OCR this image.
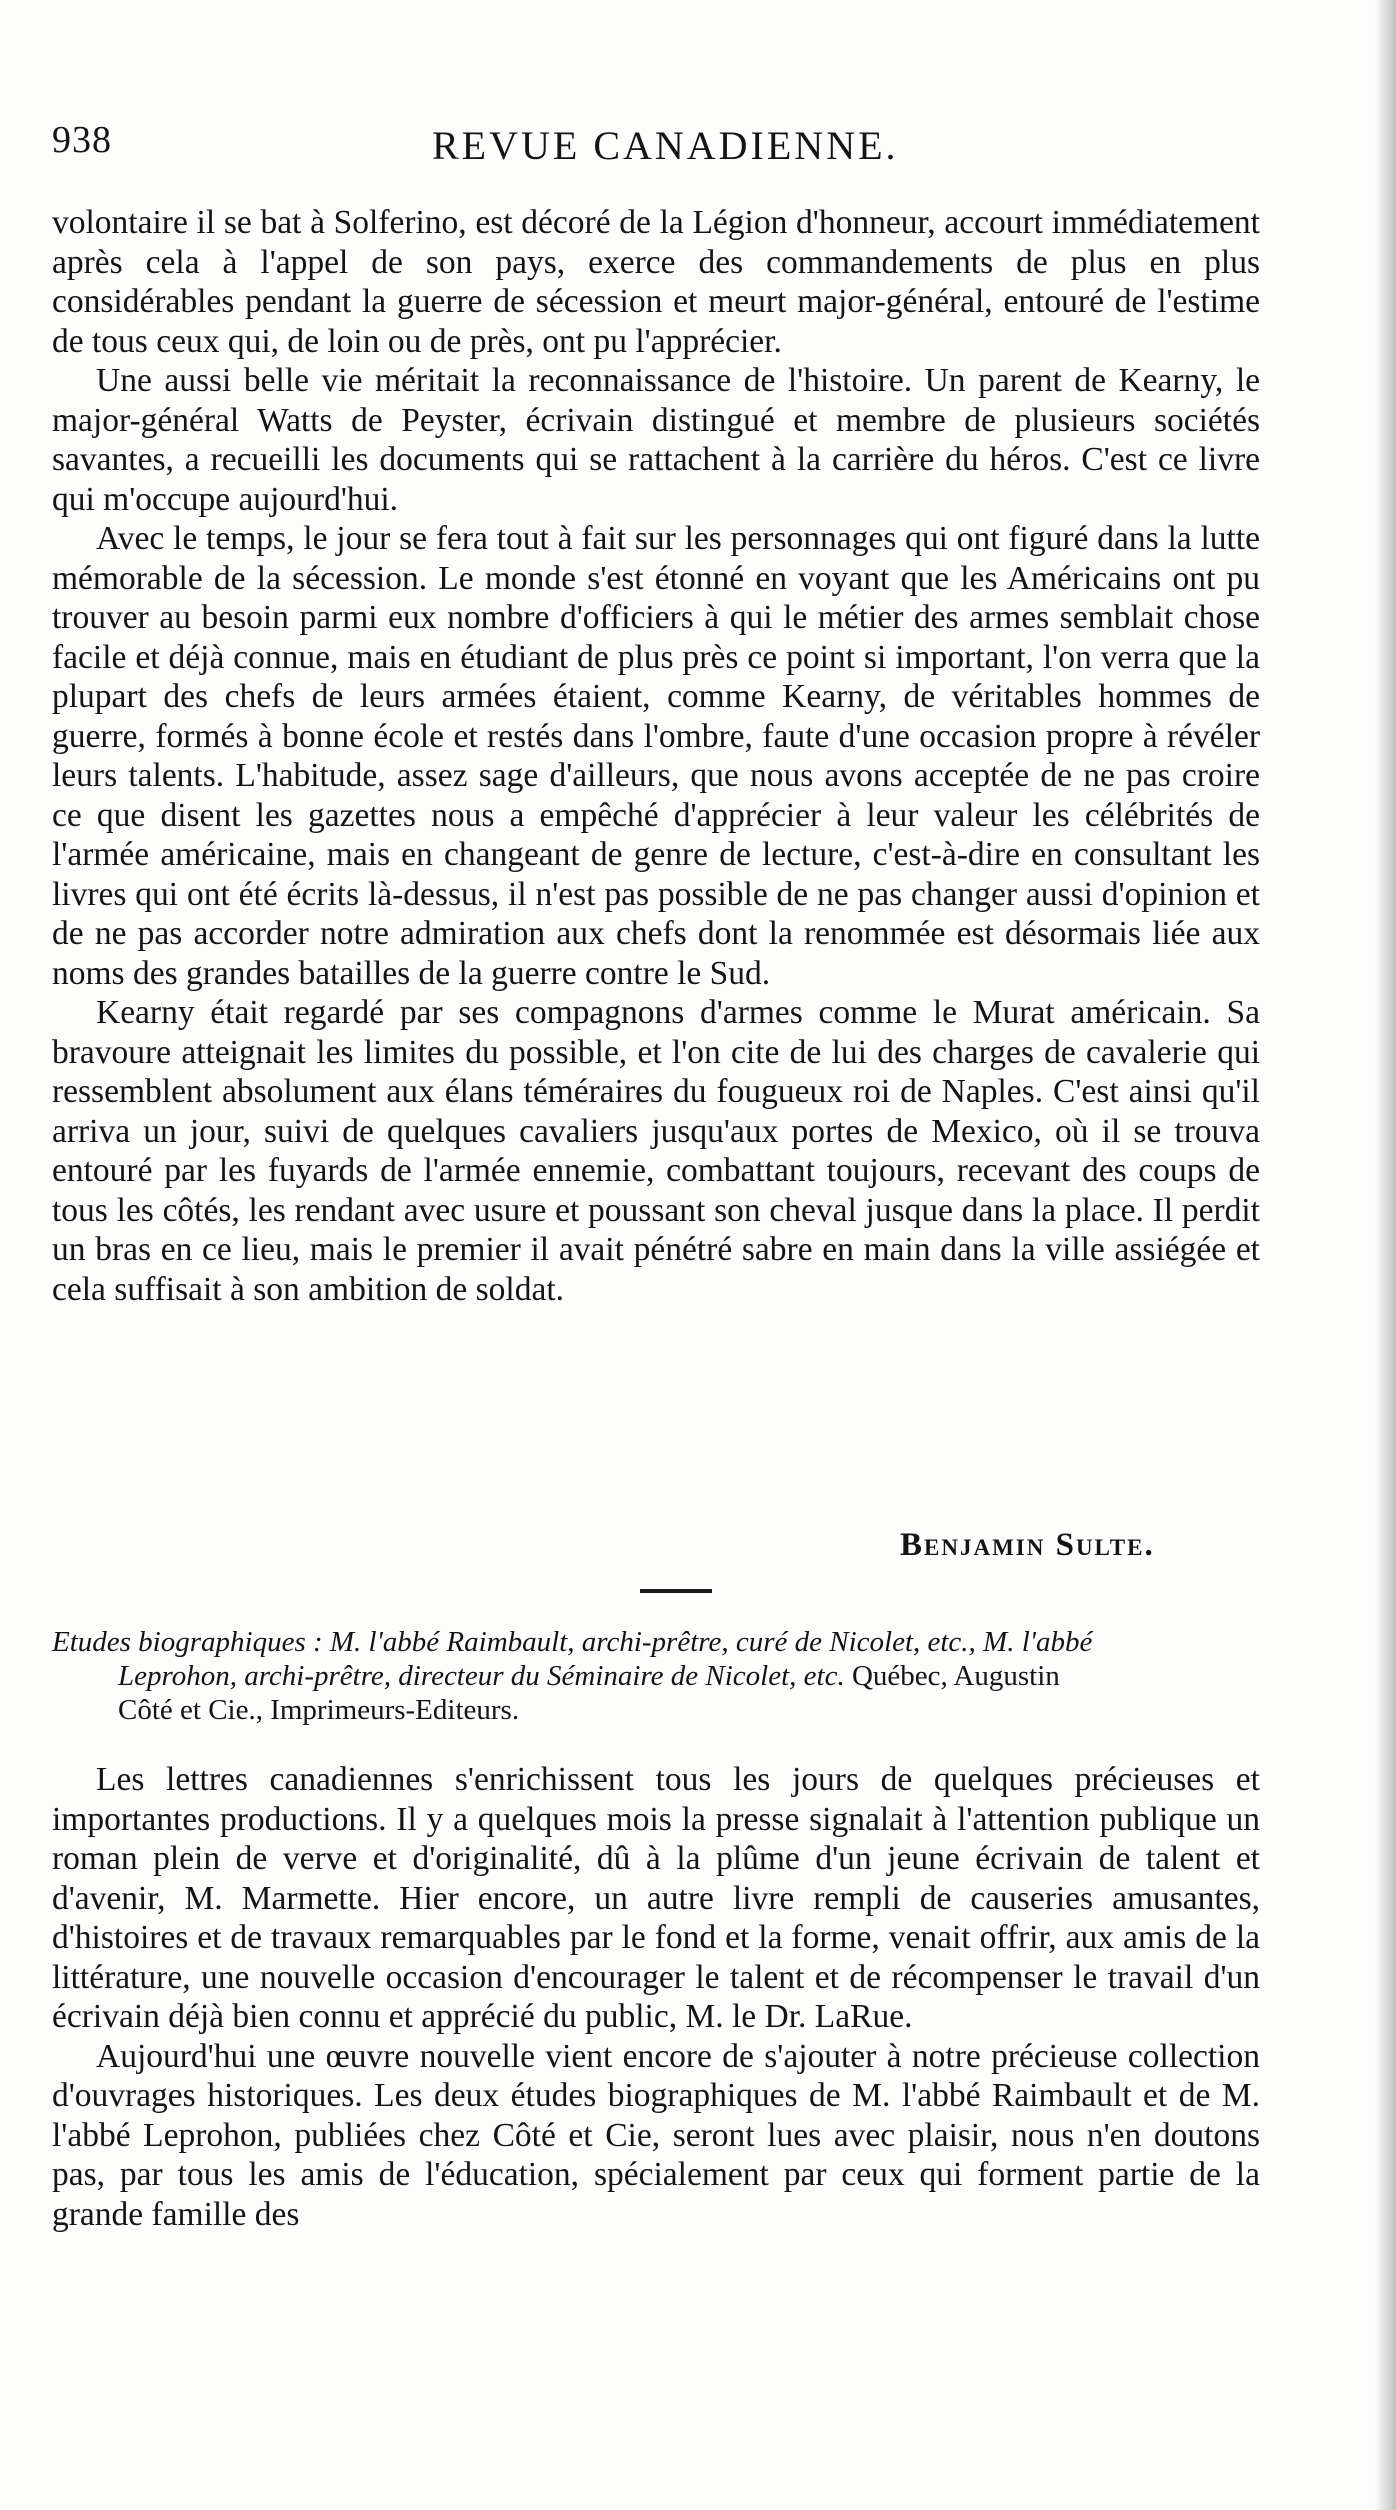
938	REVUE CANADIENNE.

volontaire il se bat à Solferino, est décoré de la Légion d'honneur, accourt immédiatement après cela à l'appel de son pays, exerce des commandements de plus en plus considérables pendant la guerre de sécession et meurt major-général, entouré de l'estime de tous ceux qui, de loin ou de près, ont pu l'apprécier.

Une aussi belle vie méritait la reconnaissance de l'histoire. Un parent de Kearny, le major-général Watts de Peyster, écrivain distingué et membre de plusieurs sociétés savantes, a recueilli les documents qui se rattachent à la carrière du héros. C'est ce livre qui m'occupe aujourd'hui.

Avec le temps, le jour se fera tout à fait sur les personnages qui ont figuré dans la lutte mémorable de la sécession. Le monde s'est étonné en voyant que les Américains ont pu trouver au besoin parmi eux nombre d'officiers à qui le métier des armes semblait chose facile et déjà connue, mais en étudiant de plus près ce point si important, l'on verra que la plupart des chefs de leurs armées étaient, comme Kearny, de véritables hommes de guerre, formés à bonne école et restés dans l'ombre, faute d'une occasion propre à révéler leurs talents. L'habitude, assez sage d'ailleurs, que nous avons acceptée de ne pas croire ce que disent les gazettes nous a empêché d'apprécier à leur valeur les célébrités de l'armée américaine, mais en changeant de genre de lecture, c'est-à-dire en consultant les livres qui ont été écrits là-dessus, il n'est pas possible de ne pas changer aussi d'opinion et de ne pas accorder notre admiration aux chefs dont la renommée est désormais liée aux noms des grandes batailles de la guerre contre le Sud.

Kearny était regardé par ses compagnons d'armes comme le Murat américain. Sa bravoure atteignait les limites du possible, et l'on cite de lui des charges de cavalerie qui ressemblent absolument aux élans téméraires du fougueux roi de Naples. C'est ainsi qu'il arriva un jour, suivi de quelques cavaliers jusqu'aux portes de Mexico, où il se trouva entouré par les fuyards de l'armée ennemie, combattant toujours, recevant des coups de tous les côtés, les rendant avec usure et poussant son cheval jusque dans la place. Il perdit un bras en ce lieu, mais le premier il avait pénétré sabre en main dans la ville assiégée et cela suffisait à son ambition de soldat.

Benjamin Sulte.
Etudes biographiques : M. l'abbé Raimbault, archi-prêtre, curé de Nicolet, etc., M. l'abbé
Leprohon, archi-prêtre, directeur du Séminaire de Nicolet, etc. Québec, Augustin
Côté et Cie., Imprimeurs-Editeurs.

Les lettres canadiennes s'enrichissent tous les jours de quelques précieuses et importantes productions. Il y a quelques mois la presse signalait à l'attention publique un roman plein de verve et d'originalité, dû à la plûme d'un jeune écrivain de talent et d'avenir, M. Marmette. Hier encore, un autre livre rempli de causeries amusantes, d'histoires et de travaux remarquables par le fond et la forme, venait offrir, aux amis de la littérature, une nouvelle occasion d'encourager le talent et de récompenser le travail d'un écrivain déjà bien connu et apprécié du public, M. le Dr. LaRue.

Aujourd'hui une œuvre nouvelle vient encore de s'ajouter à notre précieuse collection d'ouvrages historiques. Les deux études biographiques de M. l'abbé Raimbault et de M. l'abbé Leprohon, publiées chez Côté et Cie, seront lues avec plaisir, nous n'en doutons pas, par tous les amis de l'éducation, spécialement par ceux qui forment partie de la grande famille des
